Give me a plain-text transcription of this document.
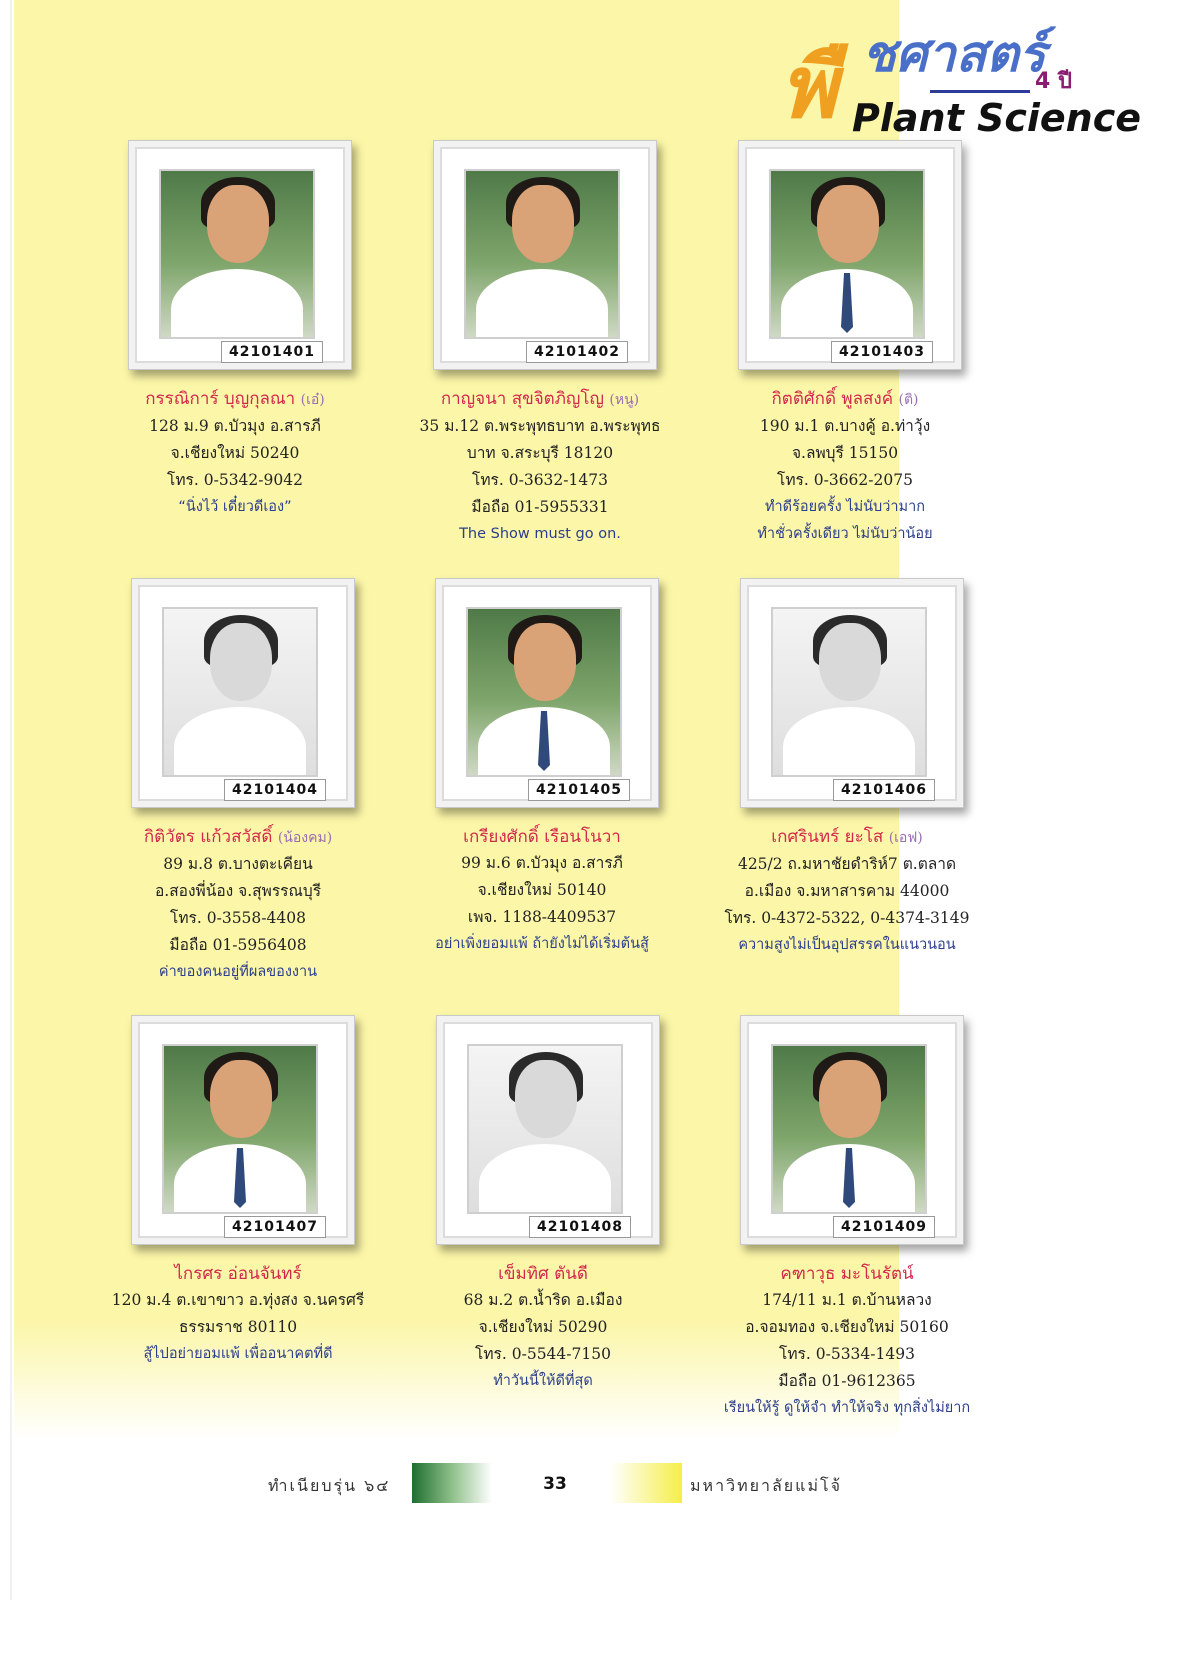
พื ชศาสตร์
4 ปี
Plant Science
42101401
กรรณิการ์ บุญกุลณา (เอ๋)
128 ม.9 ต.บัวมุง อ.สารภี
จ.เชียงใหม่ 50240
โทร. 0-5342-9042
“นิ่งไว้ เดี๋ยวดีเอง”
42101402
กาญจนา สุขจิตภิญโญ (หนู)
35 ม.12 ต.พระพุทธบาท อ.พระพุทธ
บาท จ.สระบุรี 18120
โทร. 0-3632-1473
มือถือ 01-5955331
The Show must go on.
42101403
กิตติศักดิ์ พูลสงค์ (ติ)
190 ม.1 ต.บางคู้ อ.ท่าวุ้ง
จ.ลพบุรี 15150
โทร. 0-3662-2075
ทำดีร้อยครั้ง ไม่นับว่ามาก
ทำชั่วครั้งเดียว ไม่นับว่าน้อย
42101404
กิติวัตร แก้วสวัสดิ์ (น้องคม)
89 ม.8 ต.บางตะเคียน
อ.สองพี่น้อง จ.สุพรรณบุรี
โทร. 0-3558-4408
มือถือ 01-5956408
ค่าของคนอยู่ที่ผลของงาน
42101405
เกรียงศักดิ์ เรือนโนวา
99 ม.6 ต.บัวมุง อ.สารภี
จ.เชียงใหม่ 50140
เพจ. 1188-4409537
อย่าเพิ่งยอมแพ้ ถ้ายังไม่ได้เริ่มต้นสู้
42101406
เกศรินทร์ ยะโส (เอฟ)
425/2 ถ.มหาชัยดำริห์7 ต.ตลาด
อ.เมือง จ.มหาสารคาม 44000
โทร. 0-4372-5322, 0-4374-3149
ความสูงไม่เป็นอุปสรรคในแนวนอน
42101407
ไกรศร อ่อนจันทร์
120 ม.4 ต.เขาขาว อ.ทุ่งสง จ.นครศรี
ธรรมราช 80110
สู้ไปอย่ายอมแพ้ เพื่ออนาคตที่ดี
42101408
เข็มทิศ ตันดี
68 ม.2 ต.น้ำริด อ.เมือง
จ.เชียงใหม่ 50290
โทร. 0-5544-7150
ทำวันนี้ให้ดีที่สุด
42101409
คฑาวุธ มะโนรัตน์
174/11 ม.1 ต.บ้านหลวง
อ.จอมทอง จ.เชียงใหม่ 50160
โทร. 0-5334-1493
มือถือ 01-9612365
เรียนให้รู้ ดูให้จำ ทำให้จริง ทุกสิ่งไม่ยาก
ทำเนียบรุ่น ๖๔	33	มหาวิทยาลัยแม่โจ้
